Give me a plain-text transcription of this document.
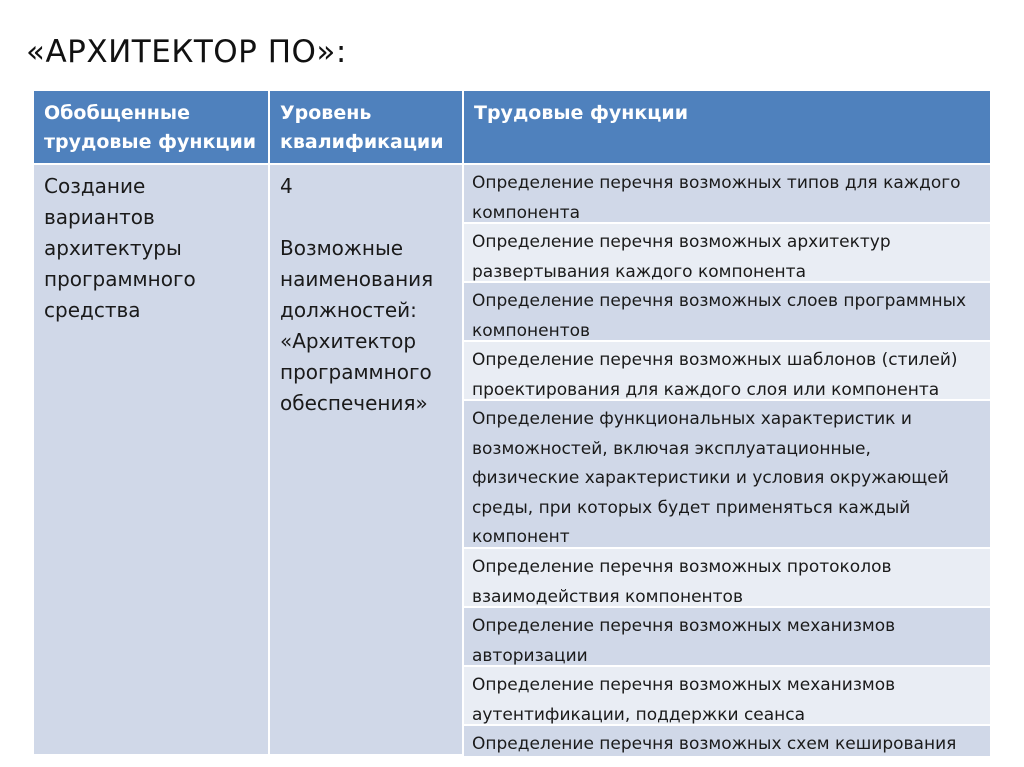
«АРХИТЕКТОР ПО»:
Обобщенные трудовые функции
Уровень квалификации
Трудовые функции
Создание вариантов архитектуры программного средства
4
Возможные наименования должностей: «Архитектор программного обеспечения»
Определение перечня возможных типов для каждого компонента
Определение перечня возможных архитектур развертывания каждого компонента
Определение перечня возможных слоев программных компонентов
Определение перечня возможных шаблонов (стилей) проектирования для каждого слоя или компонента
Определение функциональных характеристик и возможностей, включая эксплуатационные, физические характеристики и условия окружающей среды, при которых будет применяться каждый компонент
Определение перечня возможных протоколов взаимодействия компонентов
Определение перечня возможных механизмов авторизации
Определение перечня возможных механизмов аутентификации, поддержки сеанса
Определение перечня возможных схем кеширования
